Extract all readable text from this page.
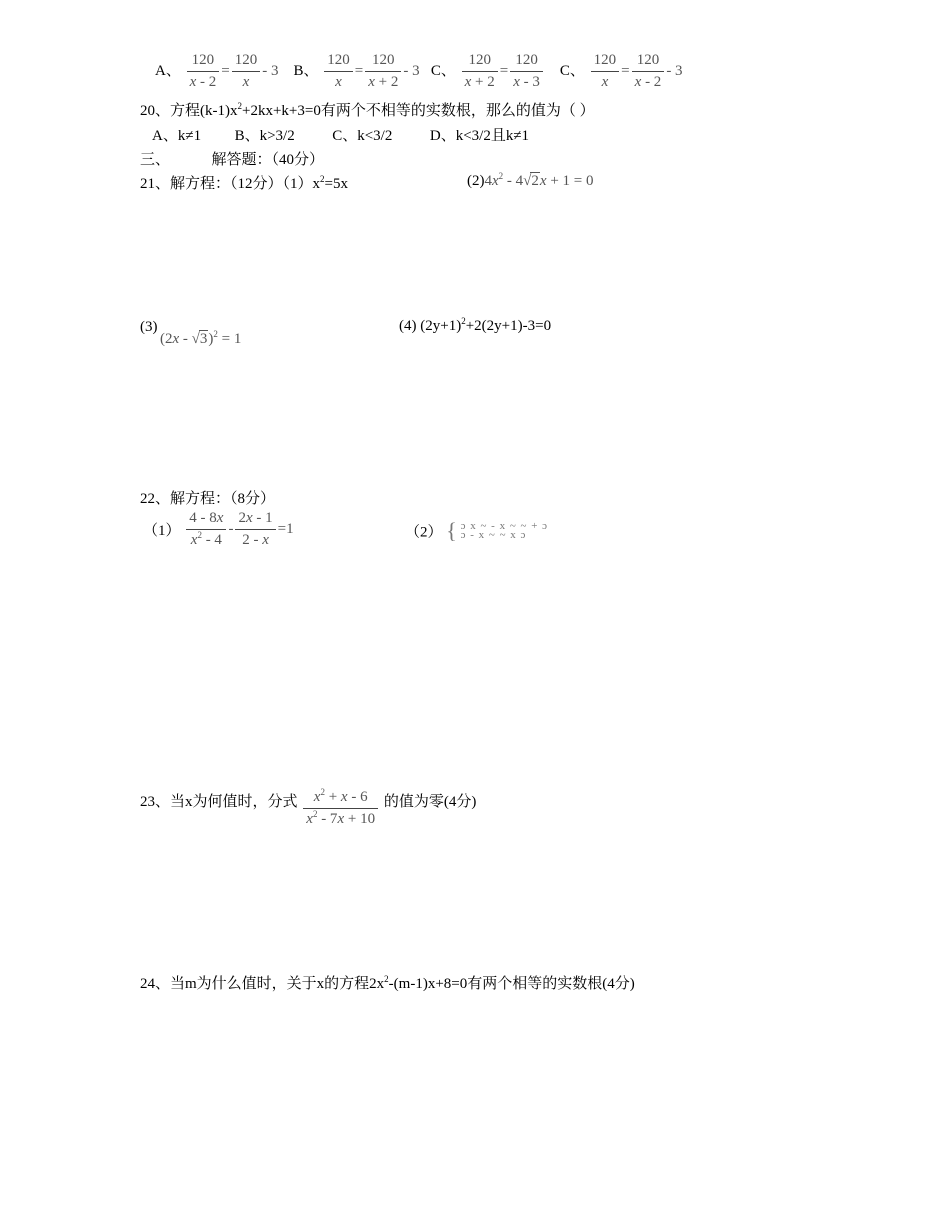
A、 $\frac{120}{x - 2} = \frac{120}{x} - 3$ B、 $\frac{120}{x} = \frac{120}{x + 2} - 3$ C、 $\frac{120}{x + 2} = \frac{120}{x - 3}$ C、 $\frac{120}{x} = \frac{120}{x - 2} - 3$
20、方程$(k-1)x^2+2kx+k+3=0$有两个不相等的实数根，那么的值为（ ）
A、k≠1 B、k>3/2	C、k<3/2	D、k<3/2且k≠1
三、	解答题：（40分）
21、解方程：（12分）$(1)x^2=5x$	$(2)4x^2 - 4√2x + 1 = 0$
(3)
(2x - √3)$^2$ = 1
(4) $(2y+1)^2+2(2y+1)-3=0$
22、解方程：（8分）
$(1) \frac{4 - 8x}{x^2 - 4} - \frac{2x - 1}{2 - x} =1$	（2） { ɔ x ~ - x ~ ~ + ɔ
ɔ - x ~ ~ x ɔ
23、当x为何值时，分式 $\frac{x^2 + x - 6}{x^2 - 7x + 10}$ 的值为零(4分)
24、当m为什么值时，关于x的方程$2x^2-(m-1)x+8=0$有两个相等的实数根(4分)
